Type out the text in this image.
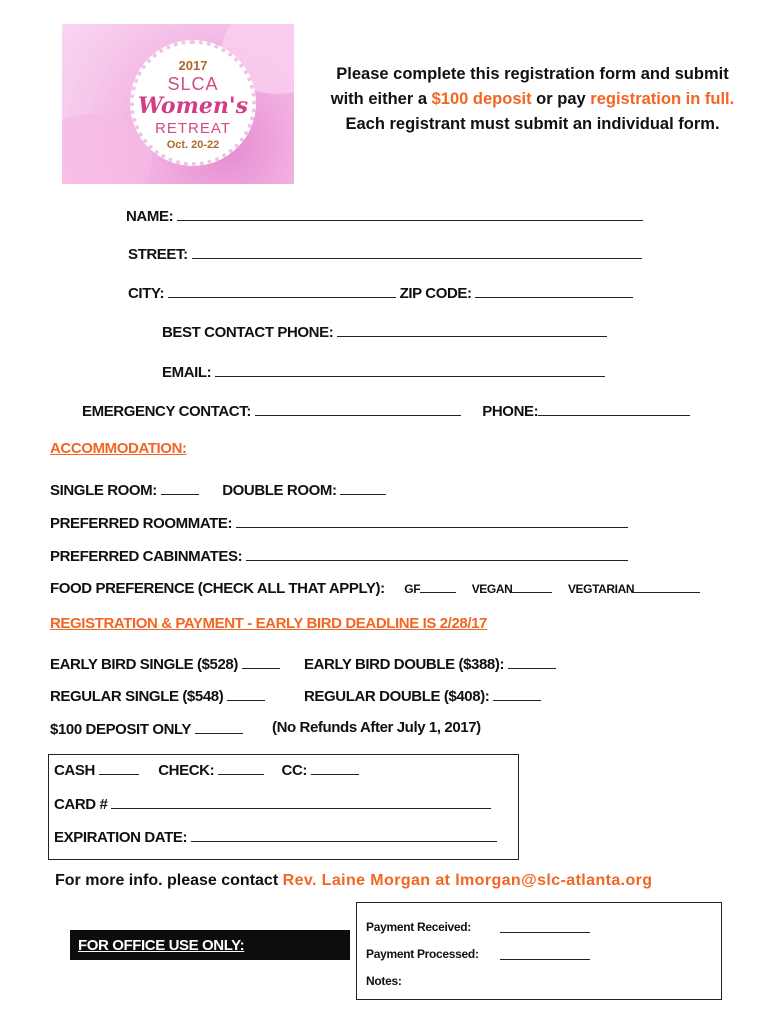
2017
SLCA
Women's
RETREAT
Oct. 20-22
Please complete this registration form and submit with either a $100 deposit or pay registration in full. Each registrant must submit an individual form.
NAME:
STREET:
CITY:	ZIP CODE:
BEST CONTACT PHONE:
EMAIL:
EMERGENCY CONTACT:	PHONE:
ACCOMMODATION:
SINGLE ROOM:	DOUBLE ROOM:
PREFERRED ROOMMATE:
PREFERRED CABINMATES:
FOOD PREFERENCE (CHECK ALL THAT APPLY): GF	VEGAN	VEGTARIAN
REGISTRATION & PAYMENT - EARLY BIRD DEADLINE IS 2/28/17
EARLY BIRD SINGLE ($528)	EARLY BIRD DOUBLE ($388):
REGULAR SINGLE ($548)	REGULAR DOUBLE ($408):
$100 DEPOSIT ONLY	(No Refunds After July 1, 2017)
CASH	CHECK:	CC:
CARD #
EXPIRATION DATE:
For more info. please contact Rev. Laine Morgan at lmorgan@slc-atlanta.org
FOR OFFICE USE ONLY:
Payment Received:
Payment Processed:
Notes:
